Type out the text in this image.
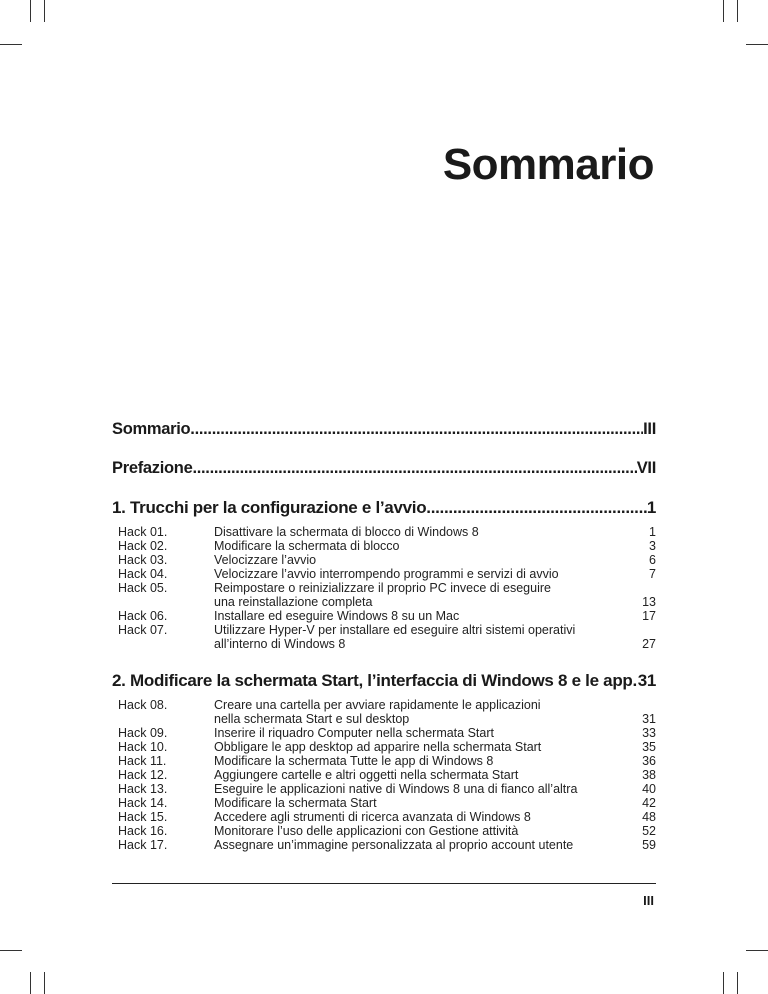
Sommario
Sommario .....	III
Prefazione .....	VII
1. Trucchi per la configurazione e l’avvio .....	1
Hack 01.	Disattivare la schermata di blocco di Windows 8	1
Hack 02.	Modificare la schermata di blocco	3
Hack 03.	Velocizzare l’avvio	6
Hack 04.	Velocizzare l’avvio interrompendo programmi e servizi di avvio	7
Hack 05.	Reimpostare o reinizializzare il proprio PC invece di eseguire
una reinstallazione completa	13
Hack 06.	Installare ed eseguire Windows 8 su un Mac	17
Hack 07.	Utilizzare Hyper-V per installare ed eseguire altri sistemi operativi
all’interno di Windows 8	27
2. Modificare la schermata Start, l’interfaccia di Windows 8 e le app ..... 31
Hack 08.	Creare una cartella per avviare rapidamente le applicazioni
nella schermata Start e sul desktop	31
Hack 09.	Inserire il riquadro Computer nella schermata Start	33
Hack 10.	Obbligare le app desktop ad apparire nella schermata Start	35
Hack 11.	Modificare la schermata Tutte le app di Windows 8	36
Hack 12.	Aggiungere cartelle e altri oggetti nella schermata Start	38
Hack 13.	Eseguire le applicazioni native di Windows 8 una di fianco all’altra	40
Hack 14.	Modificare la schermata Start	42
Hack 15.	Accedere agli strumenti di ricerca avanzata di Windows 8	48
Hack 16.	Monitorare l’uso delle applicazioni con Gestione attività	52
Hack 17.	Assegnare un’immagine personalizzata al proprio account utente	59
III
